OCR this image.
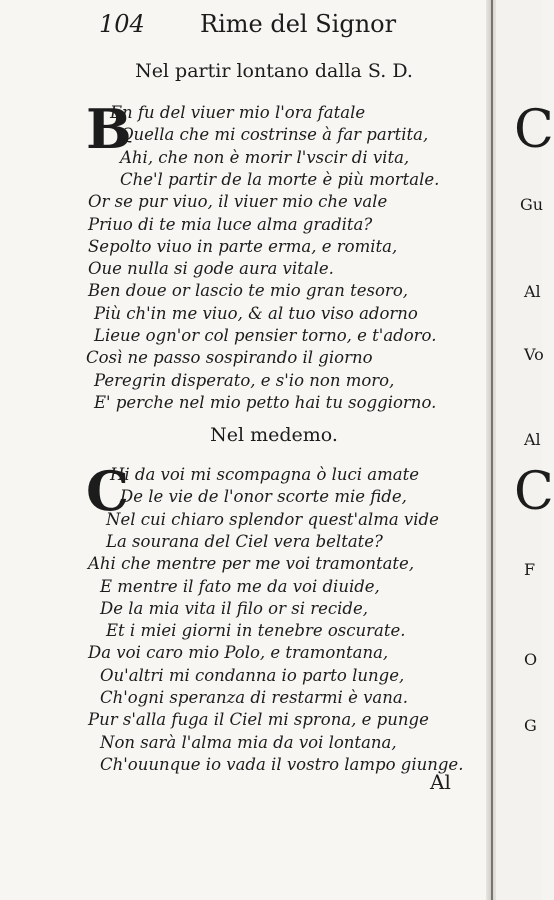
104 Rime del Signor
Nel partir lontano dalla S. D.
B
En fu del viuer mio l'ora fatale
Quella che mi costrinse à far partita,
Ahi, che non è morir l'vscir di vita,
Che'l partir de la morte è più mortale.
Or se pur viuo, il viuer mio che vale
Priuo di te mia luce alma gradita?
Sepolto viuo in parte erma, e romita,
Oue nulla si gode aura vitale.
Ben doue or lascio te mio gran tesoro,
Più ch'in me viuo, & al tuo viso adorno
Lieue ogn'or col pensier torno, e t'adoro.
Così ne passo sospirando il giorno
Peregrin disperato, e s'io non moro,
E' perche nel mio petto hai tu soggiorno.
Nel medemo.
C
Hi da voi mi scompagna ò luci amate
De le vie de l'onor scorte mie fide,
Nel cui chiaro splendor quest'alma vide
La sourana del Ciel vera beltate?
Ahi che mentre per me voi tramontate,
E mentre il fato me da voi diuide,
De la mia vita il filo or si recide,
Et i miei giorni in tenebre oscurate.
Da voi caro mio Polo, e tramontana,
Ou'altri mi condanna io parto lunge,
Ch'ogni speranza di restarmi è vana.
Pur s'alla fuga il Ciel mi sprona, e punge
Non sarà l'alma mia da voi lontana,
Ch'ouunque io vada il vostro lampo giunge.
Al
C
C
Gu
Al
Vo
Al
F
O
G
